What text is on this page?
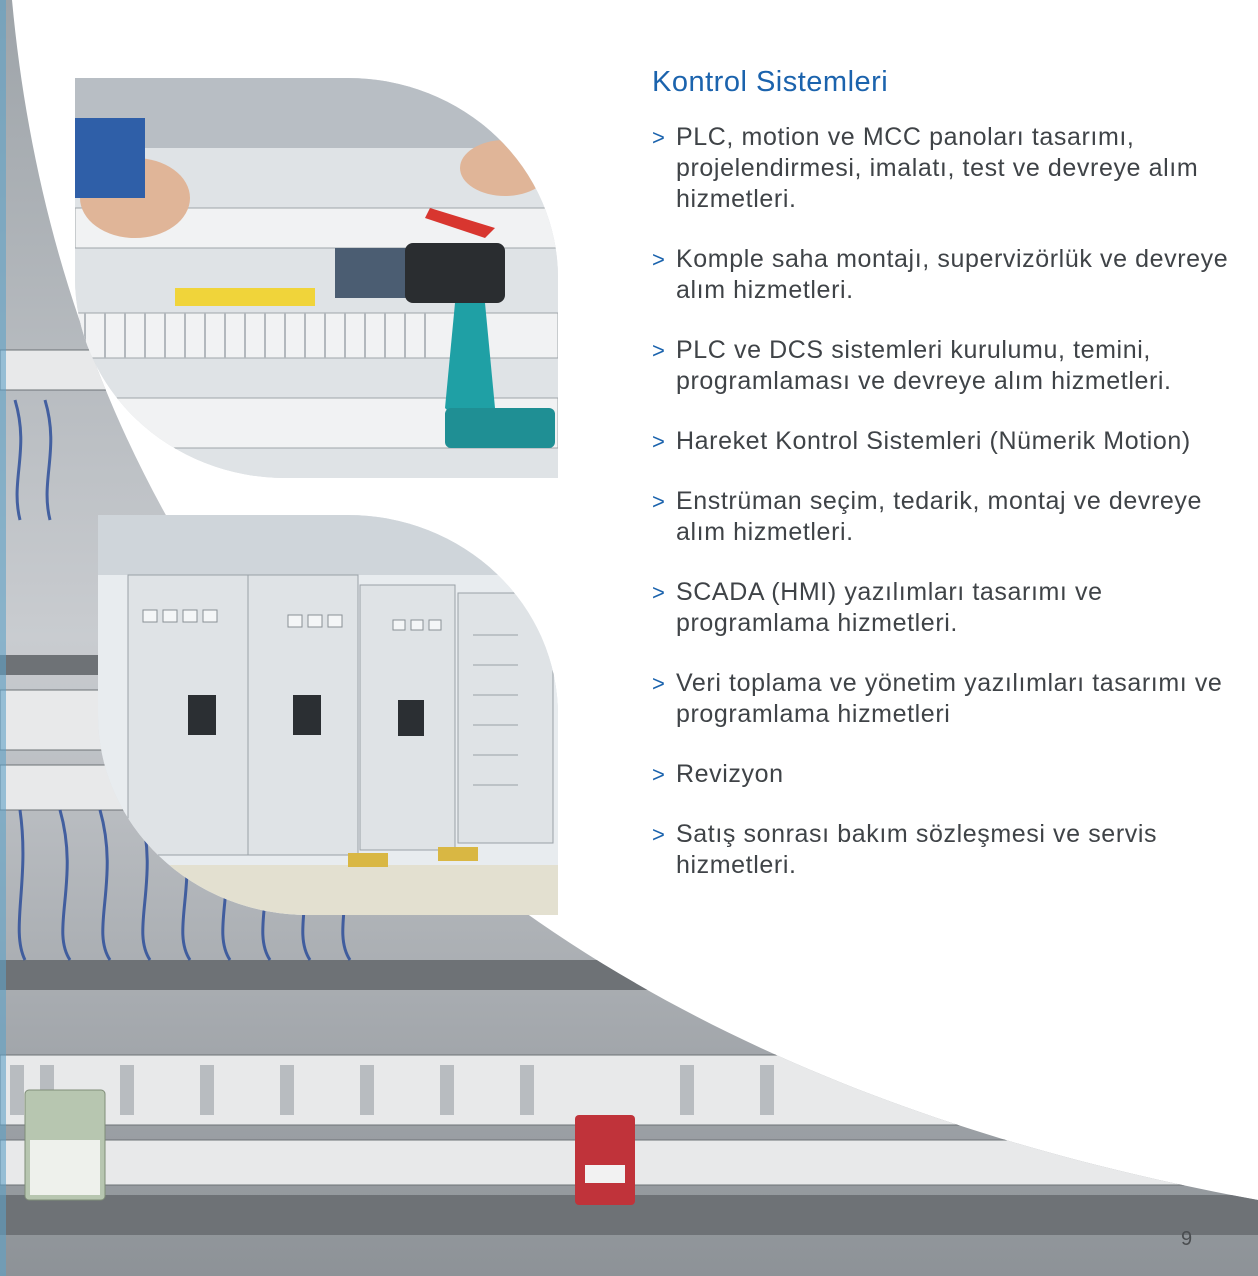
Kontrol Sistemleri
> PLC, motion ve MCC panoları tasarımı, projelendirmesi, imalatı, test ve devreye alım hizmetleri.
> Komple saha montajı, supervizörlük ve devreye alım hizmetleri.
> PLC ve DCS sistemleri kurulumu, temini, programlaması ve devreye alım hizmetleri.
> Hareket Kontrol Sistemleri (Nümerik Motion)
> Enstrüman seçim, tedarik, montaj ve devreye alım hizmetleri.
> SCADA (HMI) yazılımları tasarımı ve programlama hizmetleri.
> Veri toplama ve yönetim yazılımları tasarımı ve programlama hizmetleri
> Revizyon
> Satış sonrası bakım sözleşmesi ve servis hizmetleri.
9
